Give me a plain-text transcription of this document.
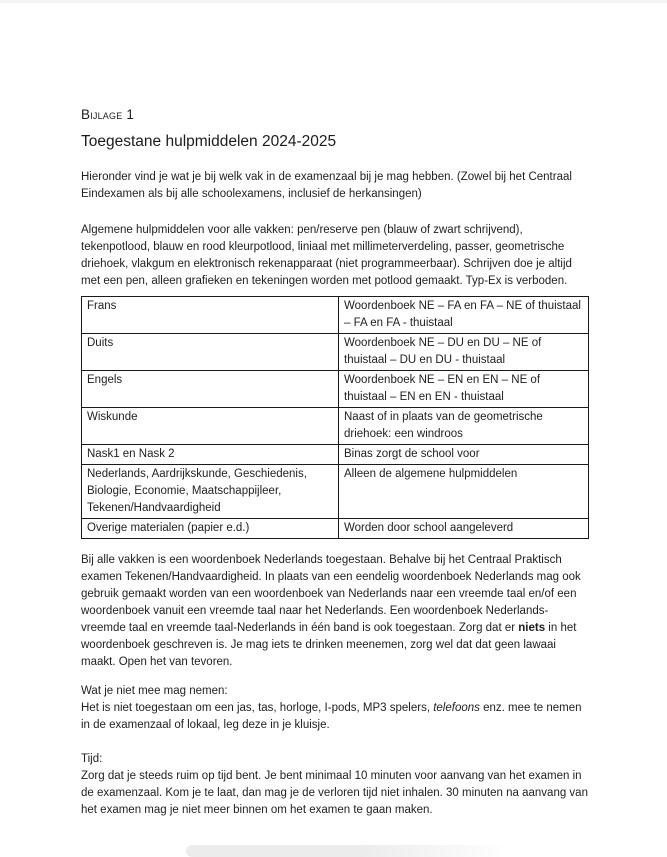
Bijlage 1
Toegestane hulpmiddelen 2024-2025

Hieronder vind je wat je bij welk vak in de examenzaal bij je mag hebben. (Zowel bij het Centraal Eindexamen als bij alle schoolexamens, inclusief de herkansingen)

Algemene hulpmiddelen voor alle vakken: pen/reserve pen (blauw of zwart schrijvend), tekenpotlood, blauw en rood kleurpotlood, liniaal met millimeterverdeling, passer, geometrische driehoek, vlakgum en elektronisch rekenapparaat (niet programmeerbaar). Schrijven doe je altijd met een pen, alleen grafieken en tekeningen worden met potlood gemaakt. Typ-Ex is verboden.

Frans	Woordenboek NE – FA en FA – NE of thuistaal – FA en FA - thuistaal
Duits	Woordenboek NE – DU en DU – NE of thuistaal – DU en DU - thuistaal
Engels	Woordenboek NE – EN en EN – NE of thuistaal – EN en EN - thuistaal
Wiskunde	Naast of in plaats van de geometrische driehoek: een windroos
Nask1 en Nask 2	Binas zorgt de school voor
Nederlands, Aardrijkskunde, Geschiedenis, Biologie, Economie, Maatschappijleer, Tekenen/Handvaardigheid	Alleen de algemene hulpmiddelen
Overige materialen (papier e.d.)	Worden door school aangeleverd

Bij alle vakken is een woordenboek Nederlands toegestaan. Behalve bij het Centraal Praktisch examen Tekenen/Handvaardigheid. In plaats van een eendelig woordenboek Nederlands mag ook gebruik gemaakt worden van een woordenboek van Nederlands naar een vreemde taal en/of een woordenboek vanuit een vreemde taal naar het Nederlands. Een woordenboek Nederlands-vreemde taal en vreemde taal-Nederlands in één band is ook toegestaan. Zorg dat er niets in het woordenboek geschreven is. Je mag iets te drinken meenemen, zorg wel dat dat geen lawaai maakt. Open het van tevoren.

Wat je niet mee mag nemen:
Het is niet toegestaan om een jas, tas, horloge, I-pods, MP3 spelers, telefoons enz. mee te nemen in de examenzaal of lokaal, leg deze in je kluisje.

Tijd:
Zorg dat je steeds ruim op tijd bent. Je bent minimaal 10 minuten voor aanvang van het examen in de examenzaal. Kom je te laat, dan mag je de verloren tijd niet inhalen. 30 minuten na aanvang van het examen mag je niet meer binnen om het examen te gaan maken.
